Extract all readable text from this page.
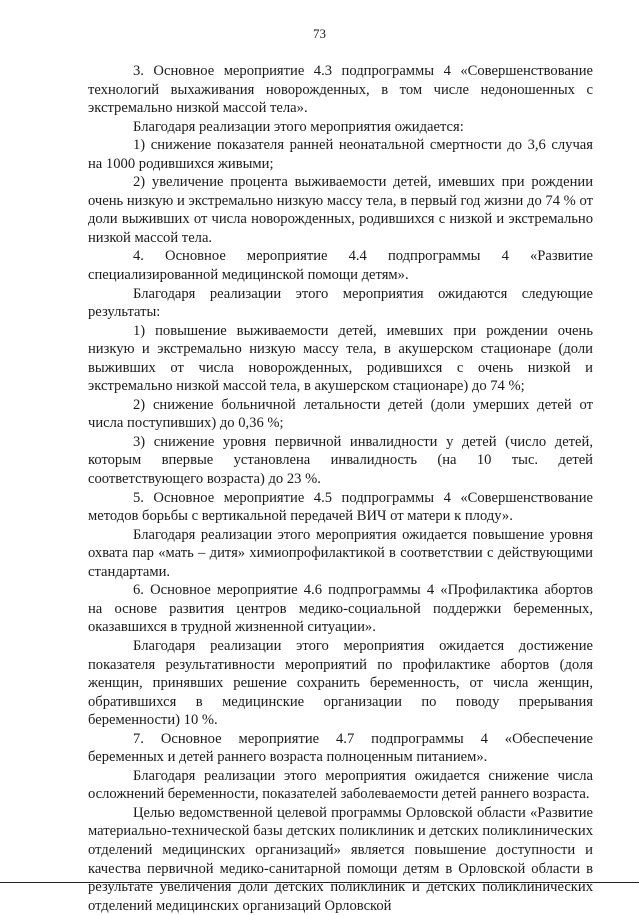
73

3. Основное мероприятие 4.3 подпрограммы 4 «Совершенствование технологий выхаживания новорожденных, в том числе недоношенных с экстремально низкой массой тела».

Благодаря реализации этого мероприятия ожидается:

1) снижение показателя ранней неонатальной смертности до 3,6 случая на 1000 родившихся живыми;

2) увеличение процента выживаемости детей, имевших при рождении очень низкую и экстремально низкую массу тела, в первый год жизни до 74 % от доли выживших от числа новорожденных, родившихся с низкой и экстремально низкой массой тела.

4. Основное мероприятие 4.4 подпрограммы 4 «Развитие специализированной медицинской помощи детям».

Благодаря реализации этого мероприятия ожидаются следующие результаты:

1) повышение выживаемости детей, имевших при рождении очень низкую и экстремально низкую массу тела, в акушерском стационаре (доли выживших от числа новорожденных, родившихся с очень низкой и экстремально низкой массой тела, в акушерском стационаре) до 74 %;

2) снижение больничной летальности детей (доли умерших детей от числа поступивших) до 0,36 %;

3) снижение уровня первичной инвалидности у детей (число детей, которым впервые установлена инвалидность (на 10 тыс. детей соответствующего возраста) до 23 %.

5. Основное мероприятие 4.5 подпрограммы 4 «Совершенствование методов борьбы с вертикальной передачей ВИЧ от матери к плоду».

Благодаря реализации этого мероприятия ожидается повышение уровня охвата пар «мать – дитя» химиопрофилактикой в соответствии с действующими стандартами.

6. Основное мероприятие 4.6 подпрограммы 4 «Профилактика абортов на основе развития центров медико-социальной поддержки беременных, оказавшихся в трудной жизненной ситуации».

Благодаря реализации этого мероприятия ожидается достижение показателя результативности мероприятий по профилактике абортов (доля женщин, принявших решение сохранить беременность, от числа женщин, обратившихся в медицинские организации по поводу прерывания беременности) 10 %.

7. Основное мероприятие 4.7 подпрограммы 4 «Обеспечение беременных и детей раннего возраста полноценным питанием».

Благодаря реализации этого мероприятия ожидается снижение числа осложнений беременности, показателей заболеваемости детей раннего возраста.

Целью ведомственной целевой программы Орловской области «Развитие материально-технической базы детских поликлиник и детских поликлинических отделений медицинских организаций» является повышение доступности и качества первичной медико-санитарной помощи детям в Орловской области в результате увеличения доли детских поликлиник и детских поликлинических отделений медицинских организаций Орловской
